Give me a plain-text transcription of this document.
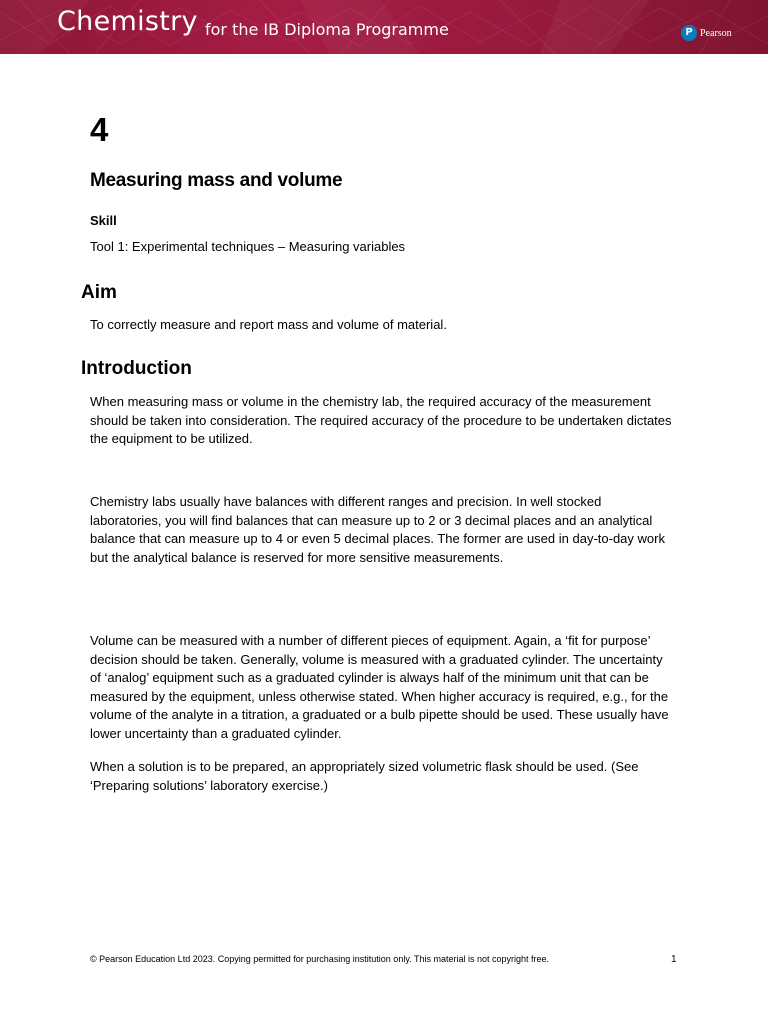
Chemistry for the IB Diploma Programme	P Pearson
4
Measuring mass and volume
Skill
Tool 1: Experimental techniques – Measuring variables
Aim

To correctly measure and report mass and volume of material.

Introduction

When measuring mass or volume in the chemistry lab, the required accuracy of the measurement should be taken into consideration. The required accuracy of the procedure to be undertaken dictates the equipment to be utilized.

Chemistry labs usually have balances with different ranges and precision. In well stocked laboratories, you will find balances that can measure up to 2 or 3 decimal places and an analytical balance that can measure up to 4 or even 5 decimal places. The former are used in day-to-day work but the analytical balance is reserved for more sensitive measurements.

Volume can be measured with a number of different pieces of equipment. Again, a ‘fit for purpose’ decision should be taken. Generally, volume is measured with a graduated cylinder. The uncertainty of ‘analog’ equipment such as a graduated cylinder is always half of the minimum unit that can be measured by the equipment, unless otherwise stated. When higher accuracy is required, e.g., for the volume of the analyte in a titration, a graduated or a bulb pipette should be used. These usually have lower uncertainty than a graduated cylinder.

When a solution is to be prepared, an appropriately sized volumetric flask should be used. (See ‘Preparing solutions’ laboratory exercise.)

© Pearson Education Ltd 2023. Copying permitted for purchasing institution only. This material is not copyright free.	1
